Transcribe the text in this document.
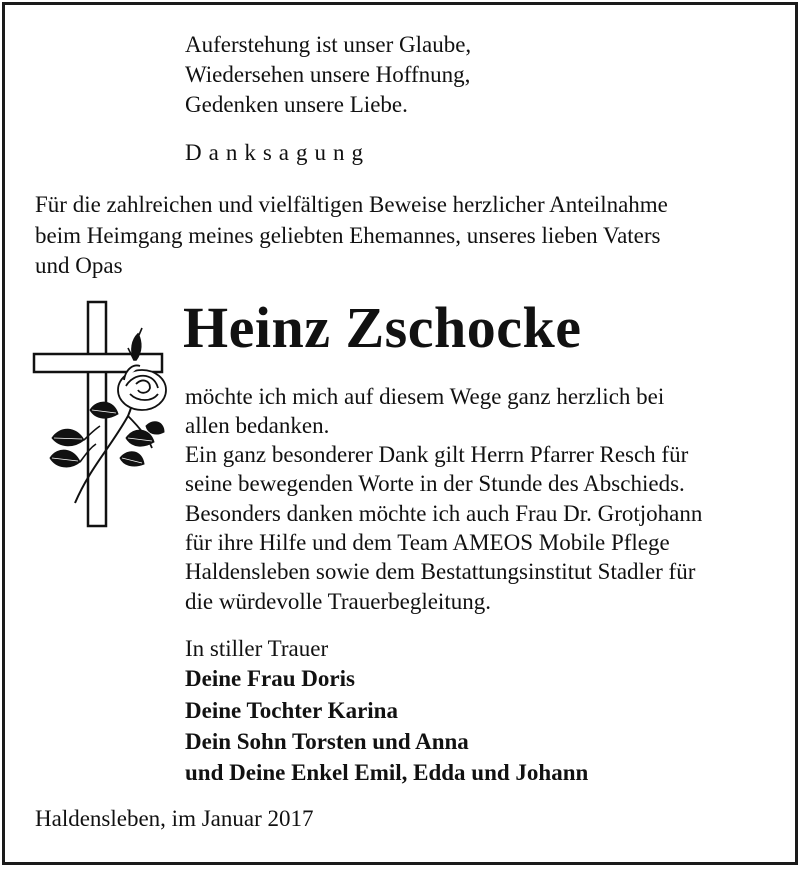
Auferstehung ist unser Glaube,
Wiedersehen unsere Hoffnung,
Gedenken unsere Liebe.
Danksagung
Für die zahlreichen und vielfältigen Beweise herzlicher Anteilnahme
beim Heimgang meines geliebten Ehemannes, unseres lieben Vaters
und Opas
Heinz Zschocke
möchte ich mich auf diesem Wege ganz herzlich bei
allen bedanken.
Ein ganz besonderer Dank gilt Herrn Pfarrer Resch für
seine bewegenden Worte in der Stunde des Abschieds.
Besonders danken möchte ich auch Frau Dr. Grotjohann
für ihre Hilfe und dem Team AMEOS Mobile Pflege
Haldensleben sowie dem Bestattungsinstitut Stadler für
die würdevolle Trauerbegleitung.
In stiller Trauer
Deine Frau Doris
Deine Tochter Karina
Dein Sohn Torsten und Anna
und Deine Enkel Emil, Edda und Johann
Haldensleben, im Januar 2017
